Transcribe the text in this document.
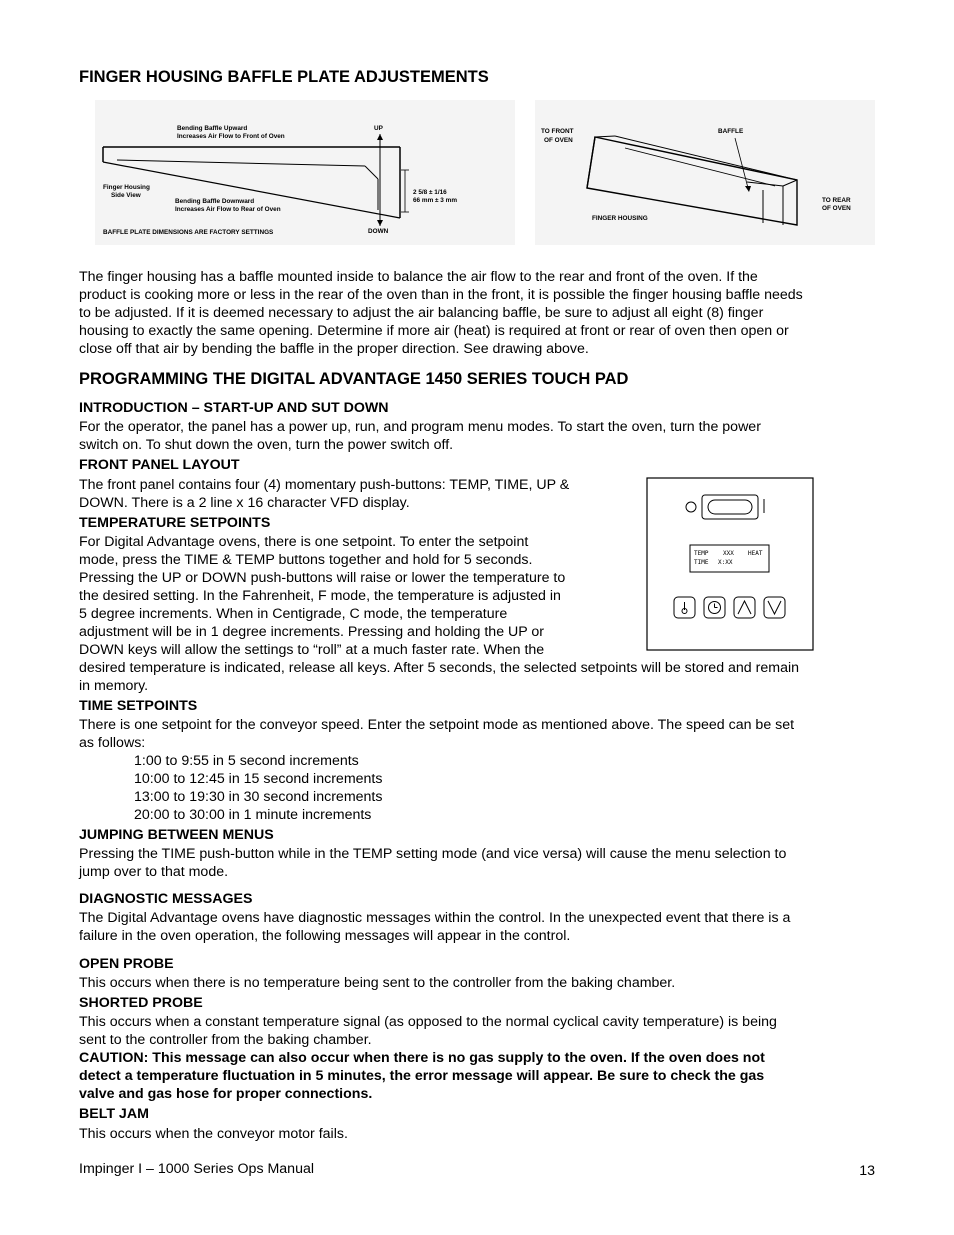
FINGER HOUSING BAFFLE PLATE ADJUSTEMENTS
Bending Baffle Upward
Increases Air Flow to Front of Oven
UP
2 5/8 ± 1/16
66 mm ± 3 mm
Finger Housing
Side View
Bending Baffle Downward
Increases Air Flow to Rear of Oven
BAFFLE PLATE DIMENSIONS ARE FACTORY SETTINGS	DOWN
TO FRONT
OF OVEN
BAFFLE
TO REAR
OF OVEN
FINGER HOUSING
The finger housing has a baffle mounted inside to balance the air flow to the rear and front of the oven. If the
product is cooking more or less in the rear of the oven than in the front, it is possible the finger housing baffle needs
to be adjusted. If it is deemed necessary to adjust the air balancing baffle, be sure to adjust all eight (8) finger
housing to exactly the same opening. Determine if more air (heat) is required at front or rear of oven then open or
close off that air by bending the baffle in the proper direction. See drawing above.
PROGRAMMING THE DIGITAL ADVANTAGE 1450 SERIES TOUCH PAD
INTRODUCTION – START-UP AND SUT DOWN
For the operator, the panel has a power up, run, and program menu modes. To start the oven, turn the power
switch on. To shut down the oven, turn the power switch off.
FRONT PANEL LAYOUT
The front panel contains four (4) momentary push-buttons: TEMP, TIME, UP &
DOWN. There is a 2 line x 16 character VFD display.
TEMP XXX HEAT
TIME X:XX
TEMPERATURE SETPOINTS
For Digital Advantage ovens, there is one setpoint. To enter the setpoint
mode, press the TIME & TEMP buttons together and hold for 5 seconds.
Pressing the UP or DOWN push-buttons will raise or lower the temperature to
the desired setting. In the Fahrenheit, F mode, the temperature is adjusted in
5 degree increments. When in Centigrade, C mode, the temperature
adjustment will be in 1 degree increments. Pressing and holding the UP or
DOWN keys will allow the settings to “roll” at a much faster rate. When the
desired temperature is indicated, release all keys. After 5 seconds, the selected setpoints will be stored and remain
in memory.
TIME SETPOINTS
There is one setpoint for the conveyor speed. Enter the setpoint mode as mentioned above. The speed can be set
as follows:
1:00 to 9:55 in 5 second increments
10:00 to 12:45 in 15 second increments
13:00 to 19:30 in 30 second increments
20:00 to 30:00 in 1 minute increments
JUMPING BETWEEN MENUS
Pressing the TIME push-button while in the TEMP setting mode (and vice versa) will cause the menu selection to
jump over to that mode.
DIAGNOSTIC MESSAGES
The Digital Advantage ovens have diagnostic messages within the control. In the unexpected event that there is a
failure in the oven operation, the following messages will appear in the control.
OPEN PROBE
This occurs when there is no temperature being sent to the controller from the baking chamber.
SHORTED PROBE
This occurs when a constant temperature signal (as opposed to the normal cyclical cavity temperature) is being
sent to the controller from the baking chamber.
CAUTION: This message can also occur when there is no gas supply to the oven. If the oven does not
detect a temperature fluctuation in 5 minutes, the error message will appear. Be sure to check the gas
valve and gas hose for proper connections.
BELT JAM
This occurs when the conveyor motor fails.
Impinger I – 1000 Series Ops Manual	13
